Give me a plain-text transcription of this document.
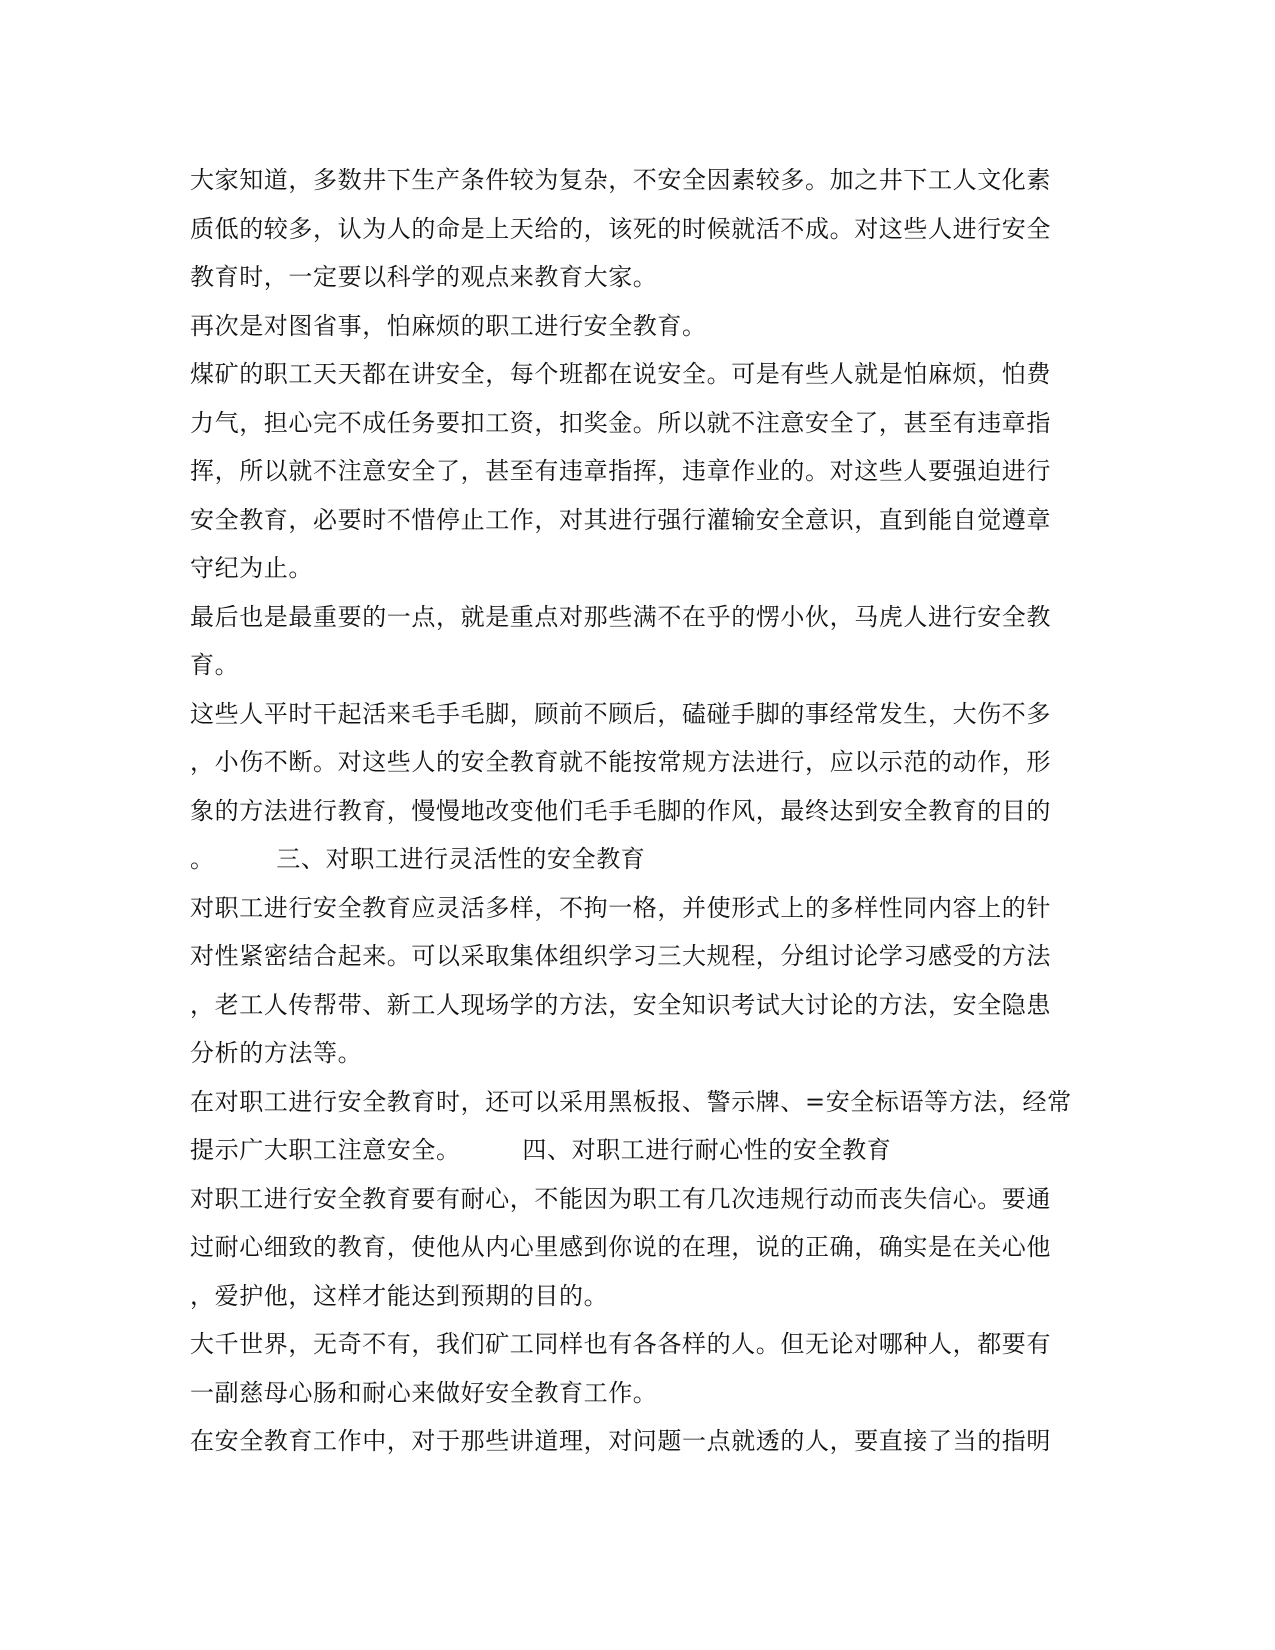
大家知道，多数井下生产条件较为复杂，不安全因素较多。加之井下工人文化素
质低的较多，认为人的命是上天给的，该死的时候就活不成。对这些人进行安全
教育时，一定要以科学的观点来教育大家。
再次是对图省事，怕麻烦的职工进行安全教育。
煤矿的职工天天都在讲安全，每个班都在说安全。可是有些人就是怕麻烦，怕费
力气，担心完不成任务要扣工资，扣奖金。所以就不注意安全了，甚至有违章指
挥，所以就不注意安全了，甚至有违章指挥，违章作业的。对这些人要强迫进行
安全教育，必要时不惜停止工作，对其进行强行灌输安全意识，直到能自觉遵章
守纪为止。
最后也是最重要的一点，就是重点对那些满不在乎的愣小伙，马虎人进行安全教
育。
这些人平时干起活来毛手毛脚，顾前不顾后，磕碰手脚的事经常发生，大伤不多
，小伤不断。对这些人的安全教育就不能按常规方法进行，应以示范的动作，形
象的方法进行教育，慢慢地改变他们毛手毛脚的作风，最终达到安全教育的目的
。　　　三、对职工进行灵活性的安全教育
对职工进行安全教育应灵活多样，不拘一格，并使形式上的多样性同内容上的针
对性紧密结合起来。可以采取集体组织学习三大规程，分组讨论学习感受的方法
，老工人传帮带、新工人现场学的方法，安全知识考试大讨论的方法，安全隐患
分析的方法等。
在对职工进行安全教育时，还可以采用黑板报、警示牌、=安全标语等方法，经常
提示广大职工注意安全。　　　四、对职工进行耐心性的安全教育
对职工进行安全教育要有耐心，不能因为职工有几次违规行动而丧失信心。要通
过耐心细致的教育，使他从内心里感到你说的在理，说的正确，确实是在关心他
，爱护他，这样才能达到预期的目的。
大千世界，无奇不有，我们矿工同样也有各各样的人。但无论对哪种人，都要有
一副慈母心肠和耐心来做好安全教育工作。
在安全教育工作中，对于那些讲道理，对问题一点就透的人，要直接了当的指明
